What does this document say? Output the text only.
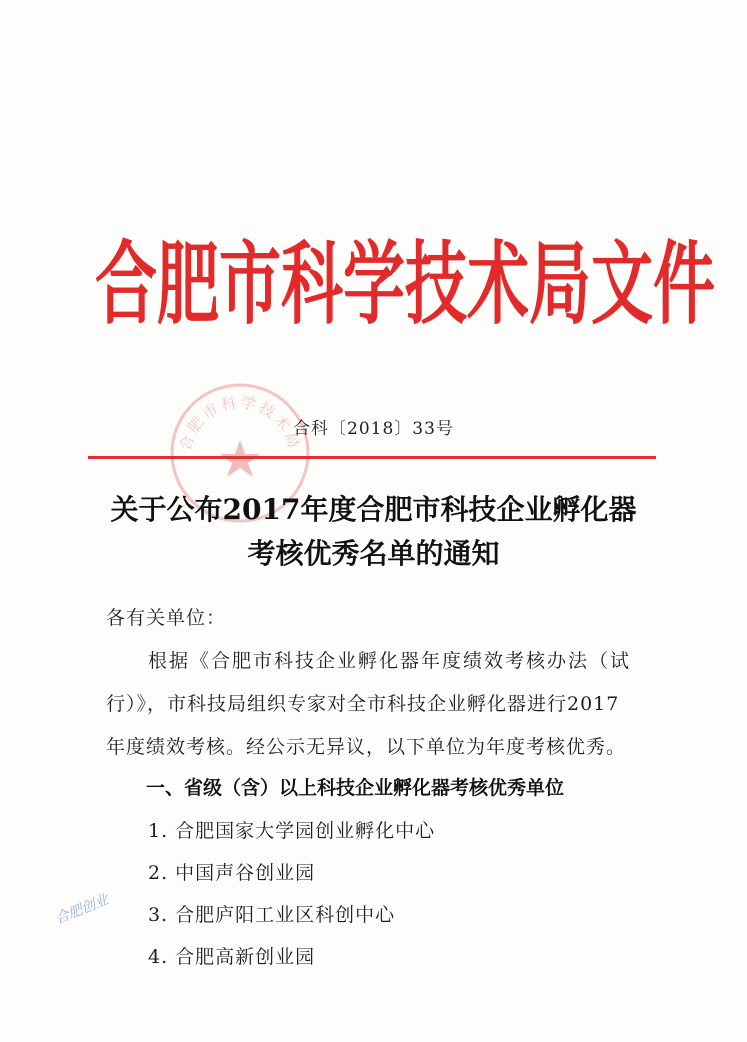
合肥市科学技术局文件
合肥市科学技术局
合科〔2018〕33号
关于公布2017年度合肥市科技企业孵化器
考核优秀名单的通知
各有关单位：
根据《合肥市科技企业孵化器年度绩效考核办法（试
行）》，市科技局组织专家对全市科技企业孵化器进行2017
年度绩效考核。经公示无异议，以下单位为年度考核优秀。
一、省级（含）以上科技企业孵化器考核优秀单位
1. 合肥国家大学园创业孵化中心
2. 中国声谷创业园
3. 合肥庐阳工业区科创中心
4. 合肥高新创业园
合肥创业
